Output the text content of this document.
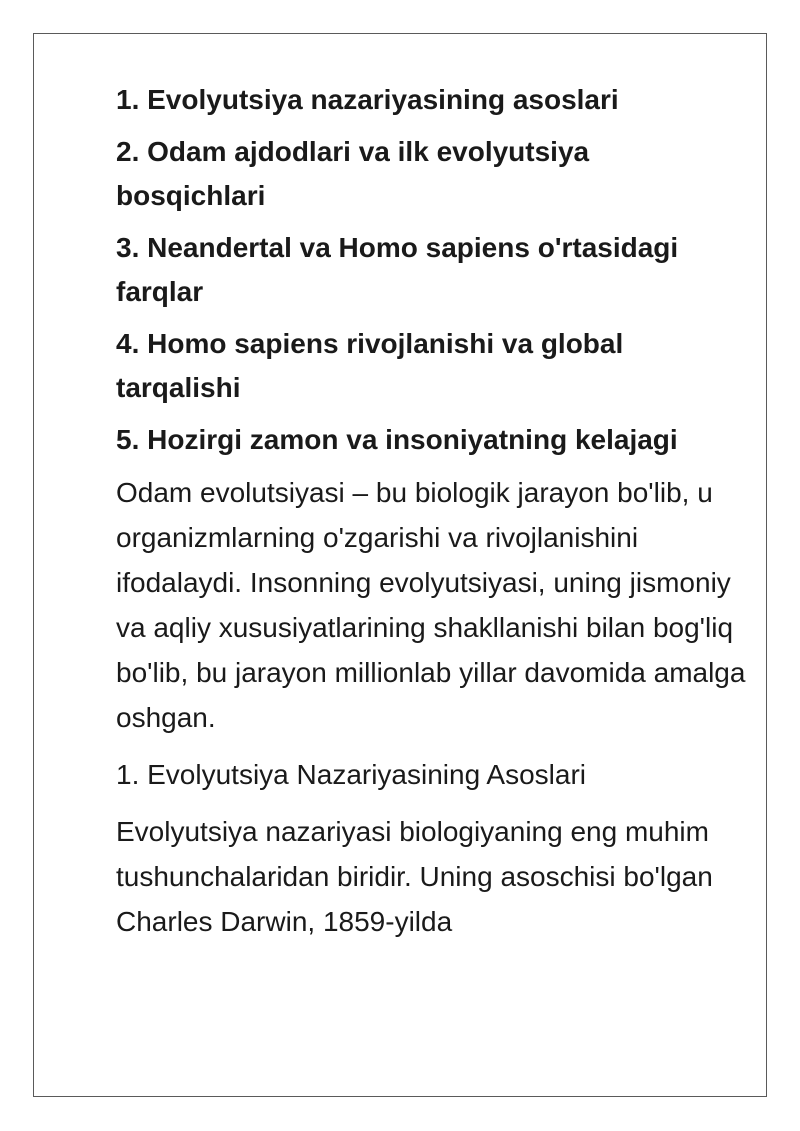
1. Evolyutsiya nazariyasining asoslari
2. Odam ajdodlari va ilk evolyutsiya bosqichlari
3. Neandertal va Homo sapiens o'rtasidagi farqlar
4. Homo sapiens rivojlanishi va global tarqalishi
5. Hozirgi zamon va insoniyatning kelajagi

Odam evolutsiyasi – bu biologik jarayon bo'lib, u organizmlarning o'zgarishi va rivojlanishini ifodalaydi. Insonning evolyutsiyasi, uning jismoniy va aqliy xususiyatlarining shakllanishi bilan bog'liq bo'lib, bu jarayon millionlab yillar davomida amalga oshgan.

1. Evolyutsiya Nazariyasining Asoslari

Evolyutsiya nazariyasi biologiyaning eng muhim tushunchalaridan biridir. Uning asoschisi bo'lgan Charles Darwin, 1859-yilda
